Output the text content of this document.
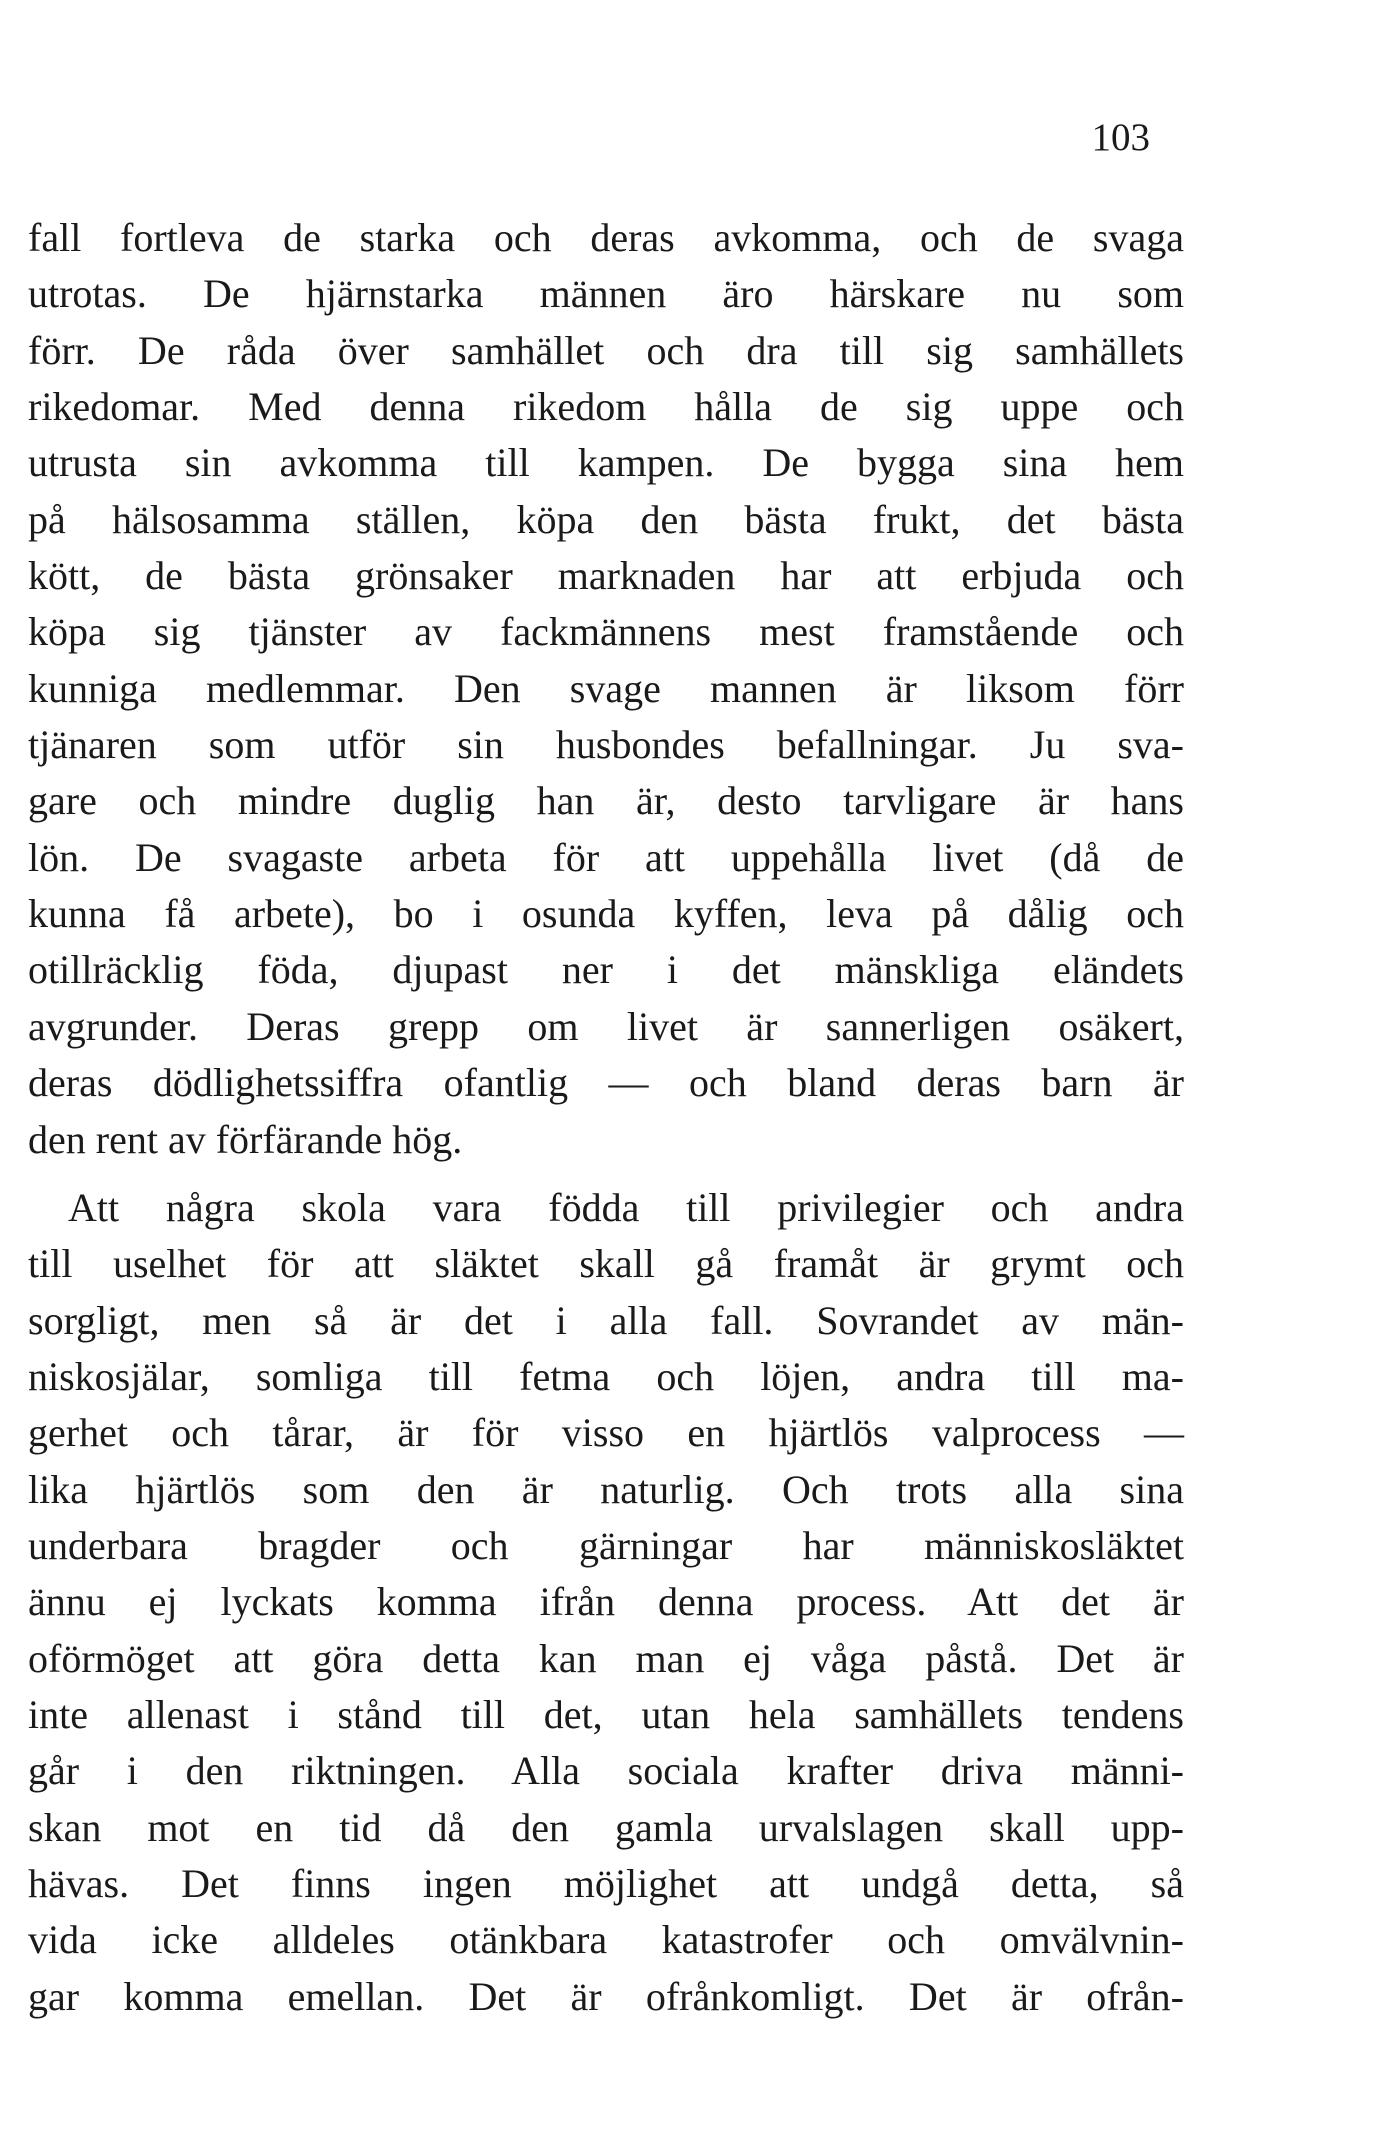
103
fall fortleva de starka och deras avkomma, och de svaga
utrotas. De hjärnstarka männen äro härskare nu som
förr. De råda över samhället och dra till sig samhällets
rikedomar. Med denna rikedom hålla de sig uppe och
utrusta sin avkomma till kampen. De bygga sina hem
på hälsosamma ställen, köpa den bästa frukt, det bästa
kött, de bästa grönsaker marknaden har att erbjuda och
köpa sig tjänster av fackmännens mest framstående och
kunniga medlemmar. Den svage mannen är liksom förr
tjänaren som utför sin husbondes befallningar. Ju sva-
gare och mindre duglig han är, desto tarvligare är hans
lön. De svagaste arbeta för att uppehålla livet (då de
kunna få arbete), bo i osunda kyffen, leva på dålig och
otillräcklig föda, djupast ner i det mänskliga eländets
avgrunder. Deras grepp om livet är sannerligen osäkert,
deras dödlighetssiffra ofantlig — och bland deras barn är
den rent av förfärande hög.
Att några skola vara födda till privilegier och andra
till uselhet för att släktet skall gå framåt är grymt och
sorgligt, men så är det i alla fall. Sovrandet av män-
niskosjälar, somliga till fetma och löjen, andra till ma-
gerhet och tårar, är för visso en hjärtlös valprocess —
lika hjärtlös som den är naturlig. Och trots alla sina
underbara bragder och gärningar har människosläktet
ännu ej lyckats komma ifrån denna process. Att det är
oförmöget att göra detta kan man ej våga påstå. Det är
inte allenast i stånd till det, utan hela samhällets tendens
går i den riktningen. Alla sociala krafter driva männi-
skan mot en tid då den gamla urvalslagen skall upp-
hävas. Det finns ingen möjlighet att undgå detta, så
vida icke alldeles otänkbara katastrofer och omvälvnin-
gar komma emellan. Det är ofrånkomligt. Det är ofrån-
